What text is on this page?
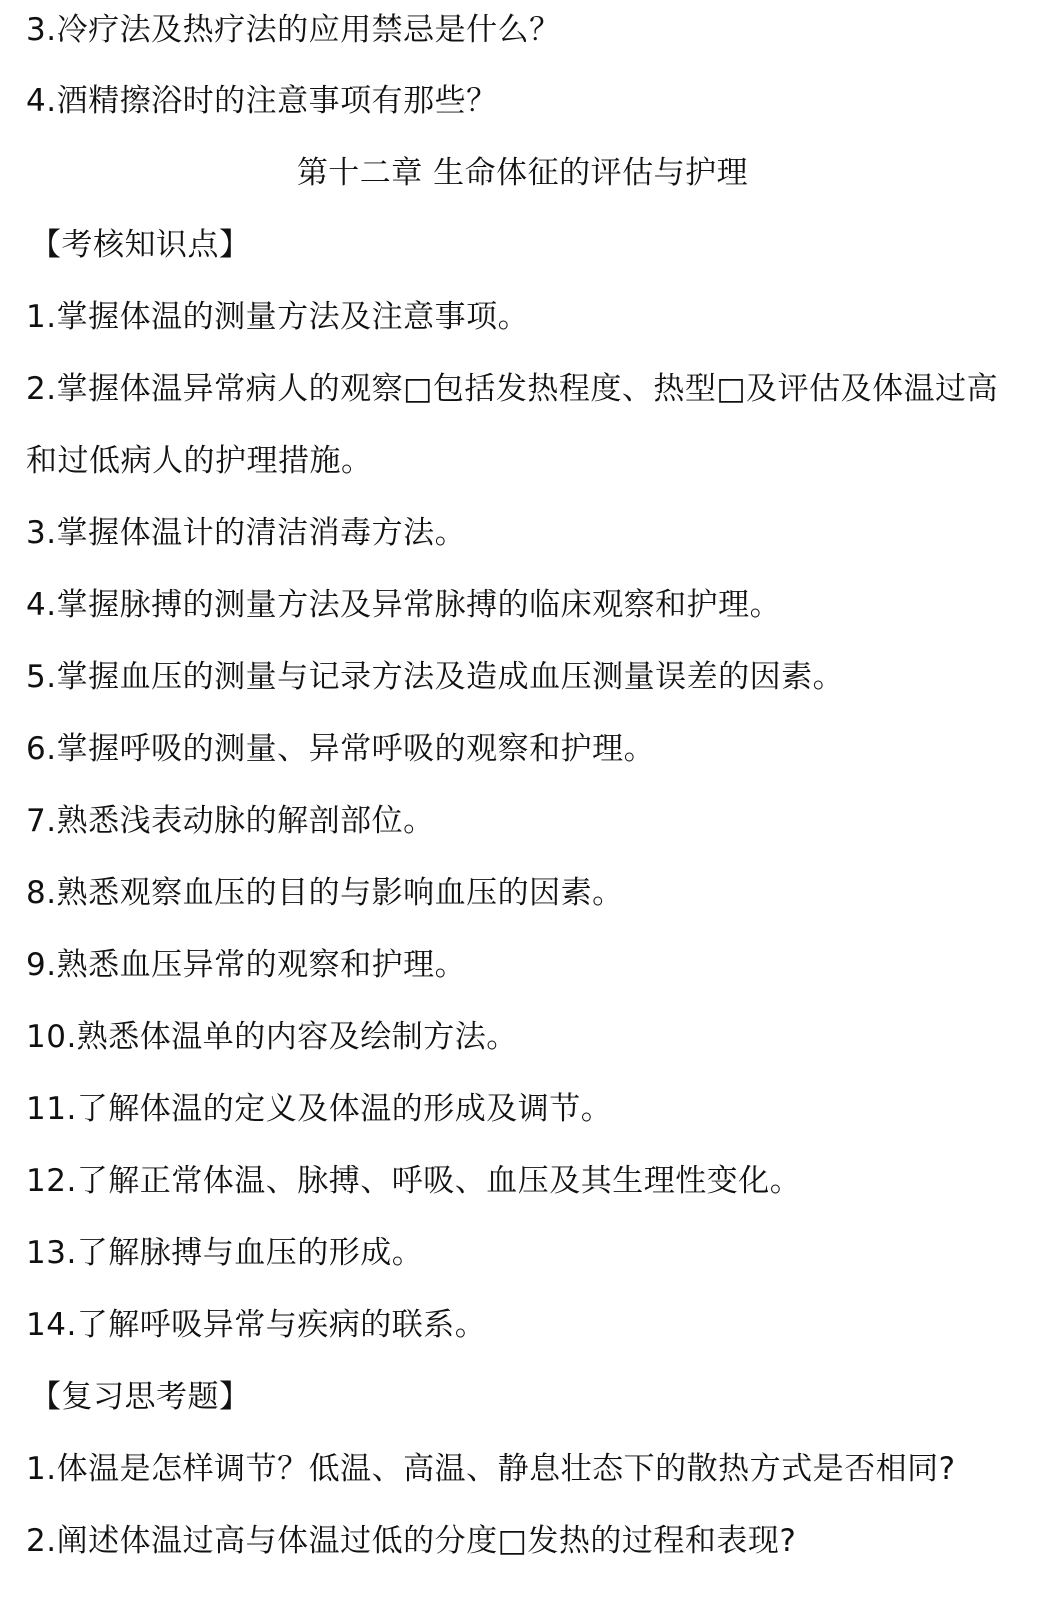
3.冷疗法及热疗法的应用禁忌是什么？
4.酒精擦浴时的注意事项有那些？
第十二章 生命体征的评估与护理
【考核知识点】
1.掌握体温的测量方法及注意事项。
2.掌握体温异常病人的观察□包括发热程度、热型□及评估及体温过高和过低病人的护理措施。
3.掌握体温计的清洁消毒方法。
4.掌握脉搏的测量方法及异常脉搏的临床观察和护理。
5.掌握血压的测量与记录方法及造成血压测量误差的因素。
6.掌握呼吸的测量、异常呼吸的观察和护理。
7.熟悉浅表动脉的解剖部位。
8.熟悉观察血压的目的与影响血压的因素。
9.熟悉血压异常的观察和护理。
10.熟悉体温单的内容及绘制方法。
11.了解体温的定义及体温的形成及调节。
12.了解正常体温、脉搏、呼吸、血压及其生理性变化。
13.了解脉搏与血压的形成。
14.了解呼吸异常与疾病的联系。
【复习思考题】
1.体温是怎样调节？低温、高温、静息壮态下的散热方式是否相同?
2.阐述体温过高与体温过低的分度□发热的过程和表现?
